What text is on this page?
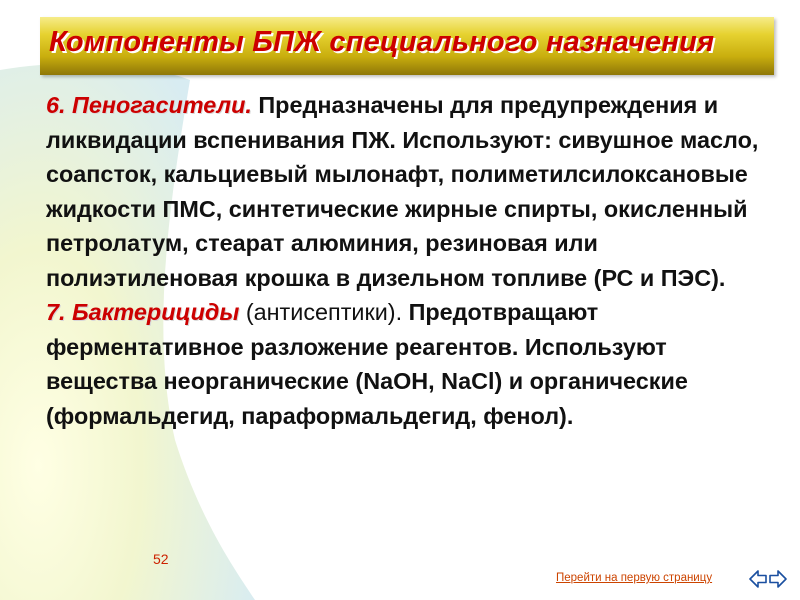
Компоненты БПЖ специального назначения

6. Пеногасители. Предназначены для предупреждения и ликвидации вспенивания ПЖ. Используют: сивушное масло, соапсток, кальциевый мылонафт, полиметилсилоксановые жидкости ПМС, синтетические жирные спирты, окисленный петролатум, стеарат алюминия, резиновая или полиэтиленовая крошка в дизельном топливе (РС и ПЭС).

7. Бактерициды (антисептики). Предотвращают ферментативное разложение реагентов. Используют вещества неорганические (NaOH, NaCl) и органические (формальдегид, параформальдегид, фенол).

52
Перейти на первую страницу
